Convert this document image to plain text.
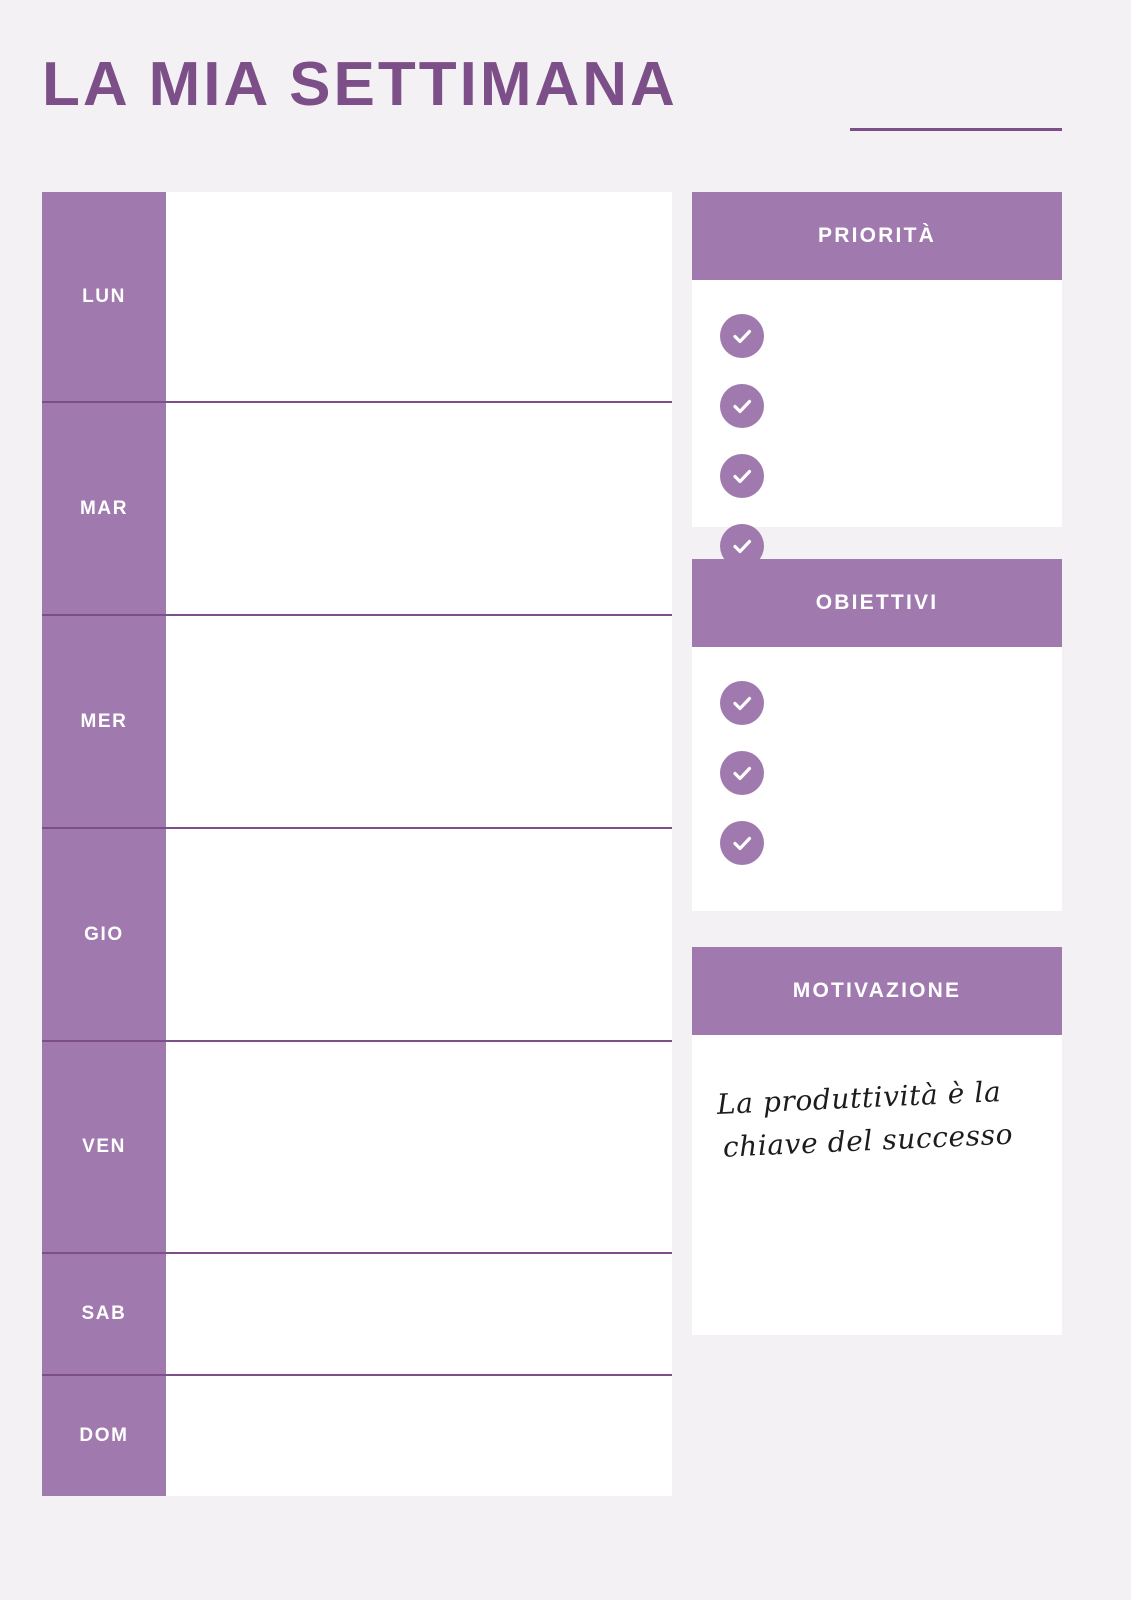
LA MIA SETTIMANA
LUN
MAR
MER
GIO
VEN
SAB
DOM
PRIORITÀ
OBIETTIVI
MOTIVAZIONE
La produttività è la
chiave del successo
